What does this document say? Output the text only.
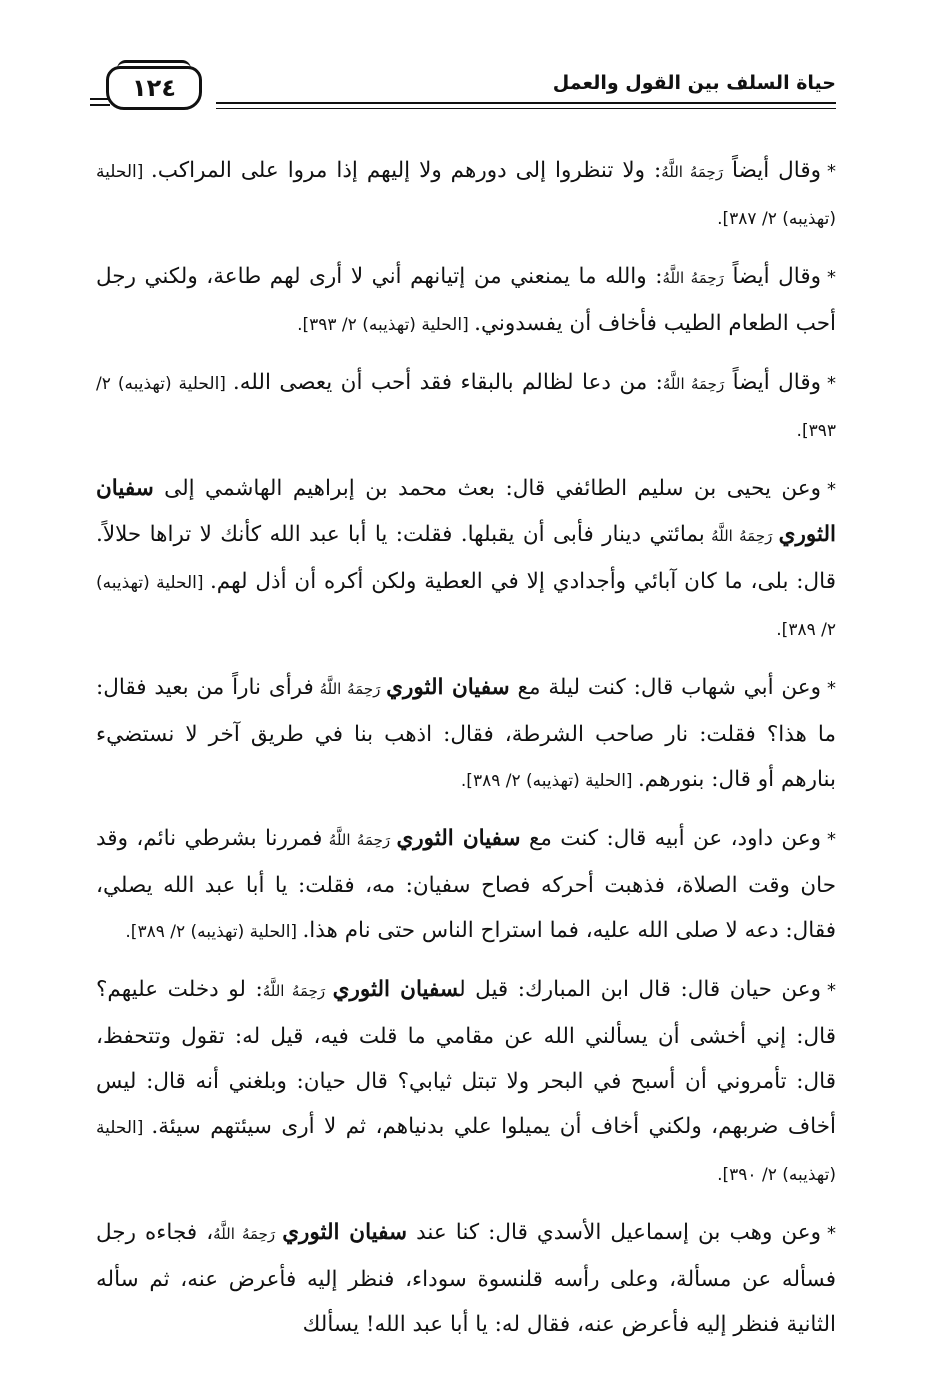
حياة السلف بين القول والعمل
١٢٤

*وقال أيضاً رَحِمَهُ اللَّهُ: ولا تنظروا إلى دورهم ولا إليهم إذا مروا على المراكب. [الحلية (تهذيبه) ٢/ ٣٨٧].

*وقال أيضاً رَحِمَهُ اللَّهُ: والله ما يمنعني من إتيانهم أني لا أرى لهم طاعة، ولكني رجل أحب الطعام الطيب فأخاف أن يفسدوني. [الحلية (تهذيبه) ٢/ ٣٩٣].

*وقال أيضاً رَحِمَهُ اللَّهُ: من دعا لظالم بالبقاء فقد أحب أن يعصى الله. [الحلية (تهذيبه) ٢/ ٣٩٣].

*وعن يحيى بن سليم الطائفي قال: بعث محمد بن إبراهيم الهاشمي إلى سفيان الثوري رَحِمَهُ اللَّهُ بمائتي دينار فأبى أن يقبلها. فقلت: يا أبا عبد الله كأنك لا تراها حلالاً. قال: بلى، ما كان آبائي وأجدادي إلا في العطية ولكن أكره أن أذل لهم. [الحلية (تهذيبه) ٢/ ٣٨٩].

*وعن أبي شهاب قال: كنت ليلة مع سفيان الثوري رَحِمَهُ اللَّهُ فرأى ناراً من بعيد فقال: ما هذا؟ فقلت: نار صاحب الشرطة، فقال: اذهب بنا في طريق آخر لا نستضيء بنارهم أو قال: بنورهم. [الحلية (تهذيبه) ٢/ ٣٨٩].

*وعن داود، عن أبيه قال: كنت مع سفيان الثوري رَحِمَهُ اللَّهُ فمررنا بشرطي نائم، وقد حان وقت الصلاة، فذهبت أحركه فصاح سفيان: مه، فقلت: يا أبا عبد الله يصلي، فقال: دعه لا صلى الله عليه، فما استراح الناس حتى نام هذا. [الحلية (تهذيبه) ٢/ ٣٨٩].

*وعن حيان قال: قال ابن المبارك: قيل لسفيان الثوري رَحِمَهُ اللَّهُ: لو دخلت عليهم؟ قال: إني أخشى أن يسألني الله عن مقامي ما قلت فيه، قيل له: تقول وتتحفظ، قال: تأمروني أن أسبح في البحر ولا تبتل ثيابي؟ قال حيان: وبلغني أنه قال: ليس أخاف ضربهم، ولكني أخاف أن يميلوا علي بدنياهم، ثم لا أرى سيئتهم سيئة. [الحلية (تهذيبه) ٢/ ٣٩٠].

*وعن وهب بن إسماعيل الأسدي قال: كنا عند سفيان الثوري رَحِمَهُ اللَّهُ، فجاءه رجل فسأله عن مسألة، وعلى رأسه قلنسوة سوداء، فنظر إليه فأعرض عنه، ثم سأله الثانية فنظر إليه فأعرض عنه، فقال له: يا أبا عبد الله! يسألك
